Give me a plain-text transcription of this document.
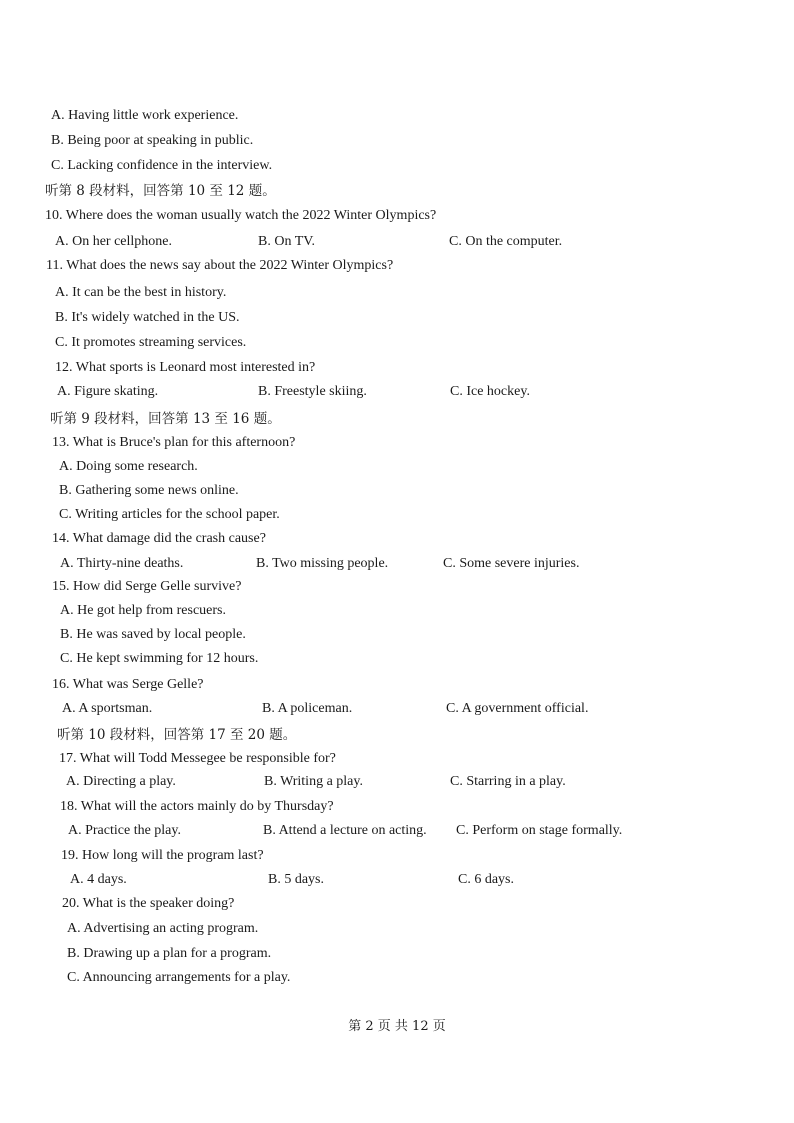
A. Having little work experience.
B. Being poor at speaking in public.
C. Lacking confidence in the interview.
听第 8 段材料，回答第 10 至 12 题。
10. Where does the woman usually watch the 2022 Winter Olympics?
A. On her cellphone.	B. On TV.	C. On the computer.
11. What does the news say about the 2022 Winter Olympics?
A. It can be the best in history.
B. It's widely watched in the US.
C. It promotes streaming services.
12. What sports is Leonard most interested in?
A. Figure skating.	B. Freestyle skiing.	C. Ice hockey.
听第 9 段材料，回答第 13 至 16 题。
13. What is Bruce's plan for this afternoon?
A. Doing some research.
B. Gathering some news online.
C. Writing articles for the school paper.
14. What damage did the crash cause?
A. Thirty-nine deaths.	B. Two missing people.	C. Some severe injuries.
15. How did Serge Gelle survive?
A. He got help from rescuers.
B. He was saved by local people.
C. He kept swimming for 12 hours.
16. What was Serge Gelle?
A. A sportsman.	B. A policeman.	C. A government official.
听第 10 段材料，回答第 17 至 20 题。
17. What will Todd Messegee be responsible for?
A. Directing a play.	B. Writing a play.	C. Starring in a play.
18. What will the actors mainly do by Thursday?
A. Practice the play.	B. Attend a lecture on acting. C. Perform on stage formally.
19. How long will the program last?
A. 4 days.	B. 5 days.	C. 6 days.
20. What is the speaker doing?
A. Advertising an acting program.
B. Drawing up a plan for a program.
C. Announcing arrangements for a play.
第 2 页 共 12 页
